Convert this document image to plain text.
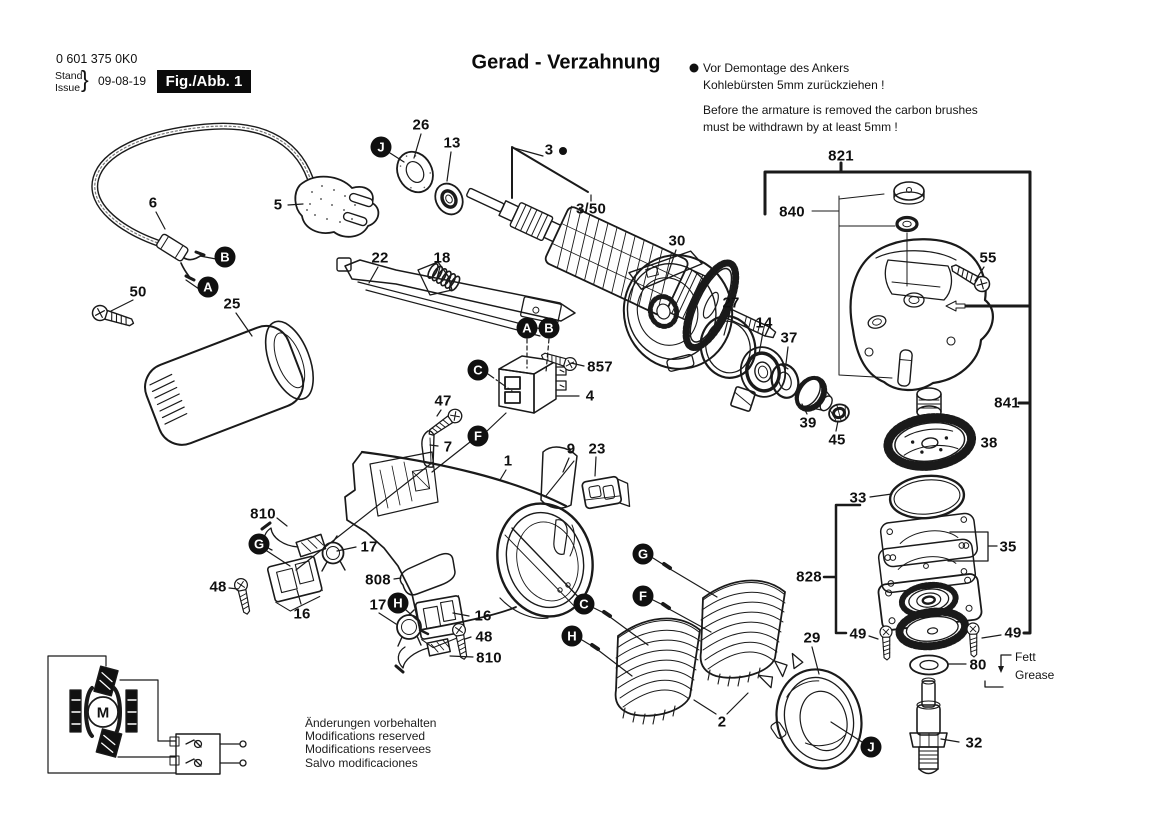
0 601 375 0K0
Stand
Issue } 09-08-19	Fig./Abb. 1
Gerad - Verzahnung	Vor Demontage des Ankers
Kohlebürsten 5mm zurückziehen !
Before the armature is removed the carbon brushes
must be withdrawn by at least 5mm !
26
13	3
3/50
30
27
14
37
39
45
821
840
55
841
38
33
35
828
49	49
80
32
29
2
6	5
50
25
22	18
857
4
47
7
1
9 23
810
17
48
16
808
17
16
48
810
J
B
A
A B
C
F
G
H
G
F
C
H
J
Fett
Grease
M
Änderungen vorbehalten
Modifications reserved
Modifications reservees
Salvo modificaciones
